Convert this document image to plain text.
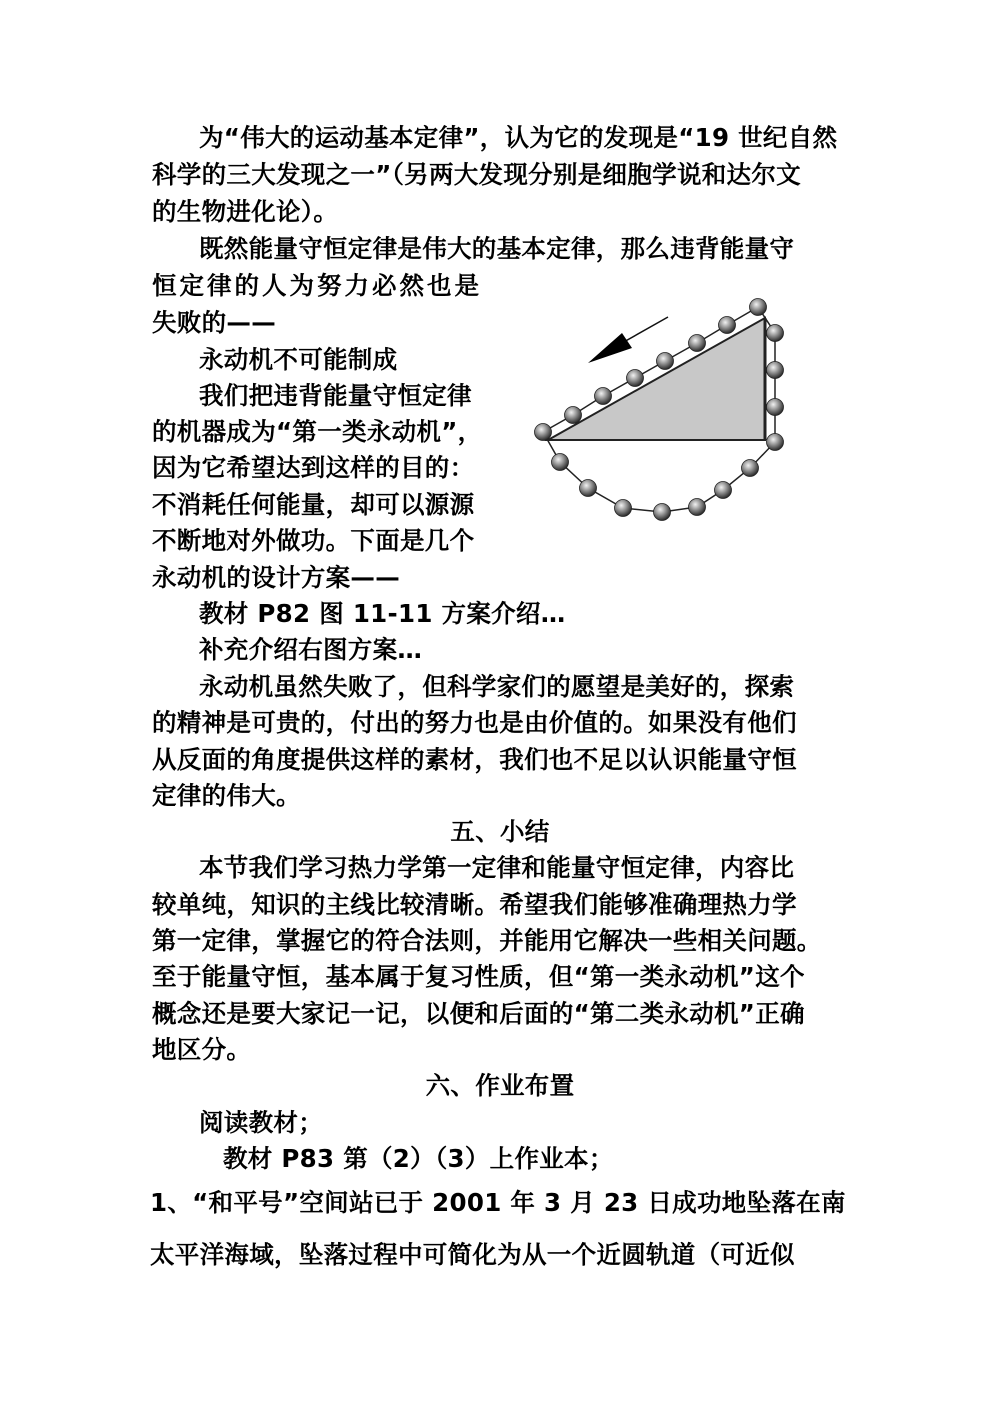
为“伟大的运动基本定律”，认为它的发现是“19 世纪自然
科学的三大发现之一”（另两大发现分别是细胞学说和达尔文
的生物进化论）。
既然能量守恒定律是伟大的基本定律，那么违背能量守
恒定律的人为努力必然也是
失败的——
永动机不可能制成
我们把违背能量守恒定律
的机器成为“第一类永动机”，
因为它希望达到这样的目的：
不消耗任何能量，却可以源源
不断地对外做功。下面是几个
永动机的设计方案——
教材 P82 图 11-11 方案介绍…
补充介绍右图方案…
永动机虽然失败了，但科学家们的愿望是美好的，探索
的精神是可贵的，付出的努力也是由价值的。如果没有他们
从反面的角度提供这样的素材，我们也不足以认识能量守恒
定律的伟大。
五、小结
本节我们学习热力学第一定律和能量守恒定律，内容比
较单纯，知识的主线比较清晰。希望我们能够准确理热力学
第一定律，掌握它的符合法则，并能用它解决一些相关问题。
至于能量守恒，基本属于复习性质，但“第一类永动机”这个
概念还是要大家记一记，以便和后面的“第二类永动机”正确
地区分。
六、作业布置
阅读教材；
教材 P83 第（2）（3）上作业本；
1、“和平号”空间站已于 2001 年 3 月 23 日成功地坠落在南
太平洋海域，坠落过程中可简化为从一个近圆轨道（可近似
